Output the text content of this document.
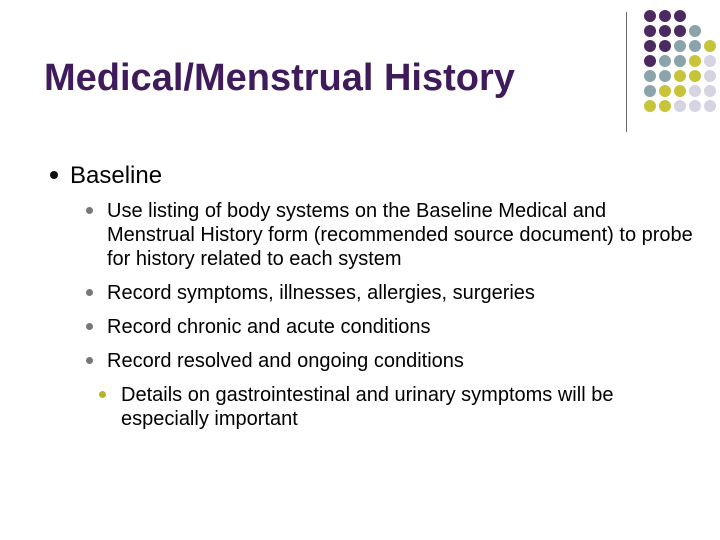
Medical/Menstrual History
Baseline
Use listing of body systems on the Baseline Medical and Menstrual History form (recommended source document) to probe for history related to each system
Record symptoms, illnesses, allergies, surgeries
Record chronic and acute conditions
Record resolved and ongoing conditions
Details on gastrointestinal and urinary symptoms will be especially important
